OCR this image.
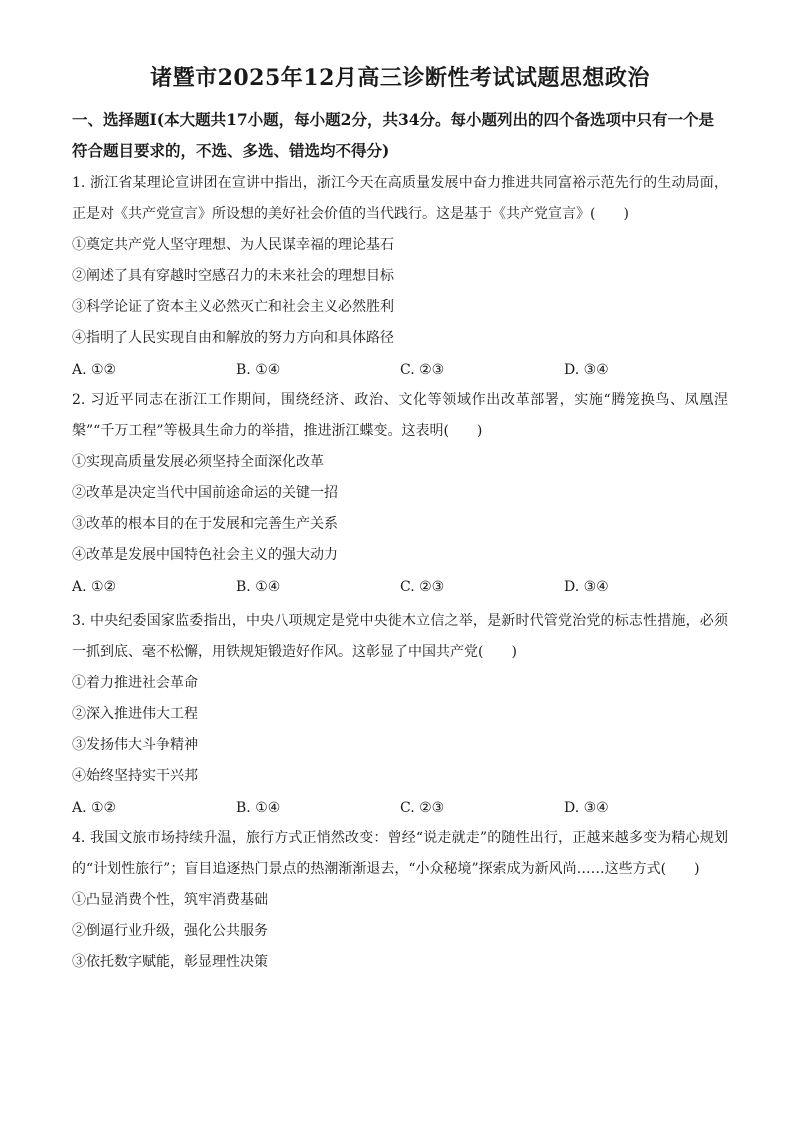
诸暨市2025年12月高三诊断性考试试题思想政治
一、选择题Ⅰ(本大题共17小题，每小题2分，共34分。每小题列出的四个备选项中只有一个是符合题目要求的，不选、多选、错选均不得分)

1. 浙江省某理论宣讲团在宣讲中指出，浙江今天在高质量发展中奋力推进共同富裕示范先行的生动局面，正是对《共产党宣言》所设想的美好社会价值的当代践行。这是基于《共产党宣言》(　　)

①奠定共产党人坚守理想、为人民谋幸福的理论基石

②阐述了具有穿越时空感召力的未来社会的理想目标

③科学论证了资本主义必然灭亡和社会主义必然胜利

④指明了人民实现自由和解放的努力方向和具体路径

A. ①②	B. ①④	C. ②③	D. ③④

2. 习近平同志在浙江工作期间，围绕经济、政治、文化等领域作出改革部署，实施“腾笼换鸟、凤凰涅槃”“千万工程”等极具生命力的举措，推进浙江蝶变。这表明(　　)

①实现高质量发展必须坚持全面深化改革

②改革是决定当代中国前途命运的关键一招

③改革的根本目的在于发展和完善生产关系

④改革是发展中国特色社会主义的强大动力

A. ①②	B. ①④	C. ②③	D. ③④

3. 中央纪委国家监委指出，中央八项规定是党中央徙木立信之举，是新时代管党治党的标志性措施，必须一抓到底、毫不松懈，用铁规矩锻造好作风。这彰显了中国共产党(　　)

①着力推进社会革命

②深入推进伟大工程

③发扬伟大斗争精神

④始终坚持实干兴邦

A. ①②	B. ①④	C. ②③	D. ③④

4. 我国文旅市场持续升温，旅行方式正悄然改变：曾经“说走就走”的随性出行，正越来越多变为精心规划的“计划性旅行”；盲目追逐热门景点的热潮渐渐退去，“小众秘境”探索成为新风尚……这些方式(　　)

①凸显消费个性，筑牢消费基础

②倒逼行业升级，强化公共服务

③依托数字赋能，彰显理性决策
